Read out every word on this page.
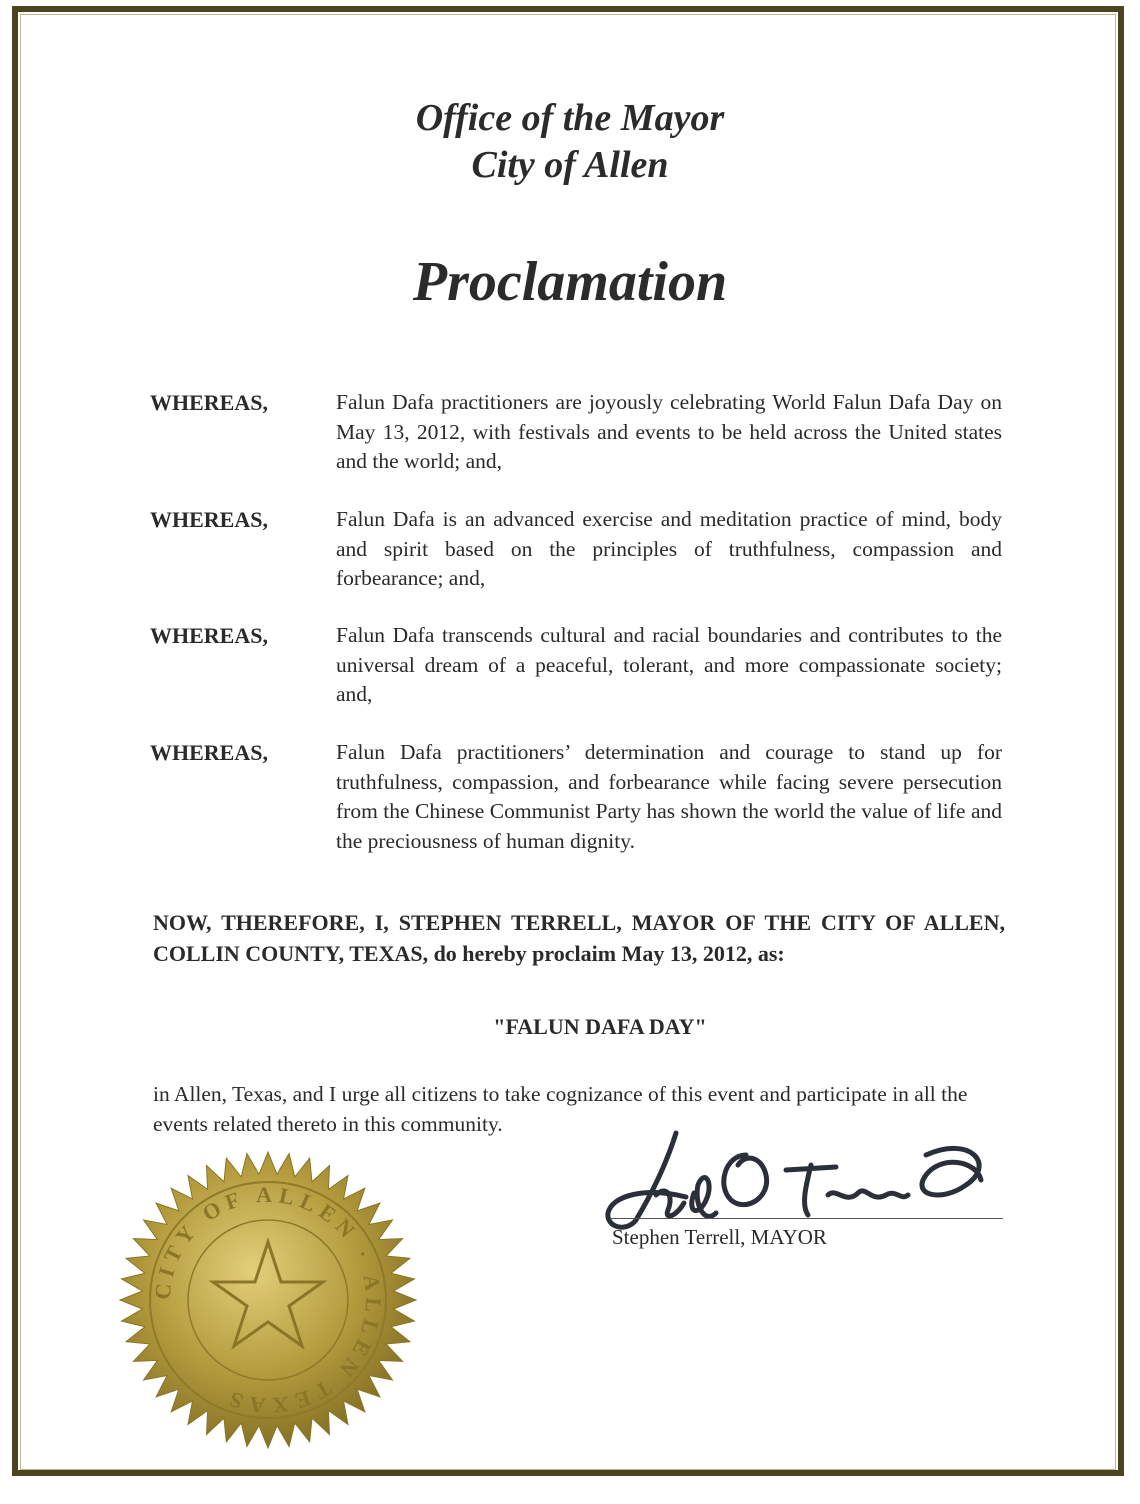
Office of the Mayor
City of Allen
Proclamation
WHEREAS,	Falun Dafa practitioners are joyously celebrating World Falun Dafa Day on May 13, 2012, with festivals and events to be held across the United states and the world; and,
WHEREAS,	Falun Dafa is an advanced exercise and meditation practice of mind, body and spirit based on the principles of truthfulness, compassion and forbearance; and,
WHEREAS,	Falun Dafa transcends cultural and racial boundaries and contributes to the universal dream of a peaceful, tolerant, and more compassionate society; and,
WHEREAS,	Falun Dafa practitioners’ determination and courage to stand up for truthfulness, compassion, and forbearance while facing severe persecution from the Chinese Communist Party has shown the world the value of life and the preciousness of human dignity.
NOW, THEREFORE, I, STEPHEN TERRELL, MAYOR OF THE CITY OF ALLEN, COLLIN COUNTY, TEXAS, do hereby proclaim May 13, 2012, as:
"FALUN DAFA DAY"
in Allen, Texas, and I urge all citizens to take cognizance of this event and participate in all the events related thereto in this community.
CITY OF ALLEN · ALLEN TEXAS
Stephen Terrell, MAYOR
